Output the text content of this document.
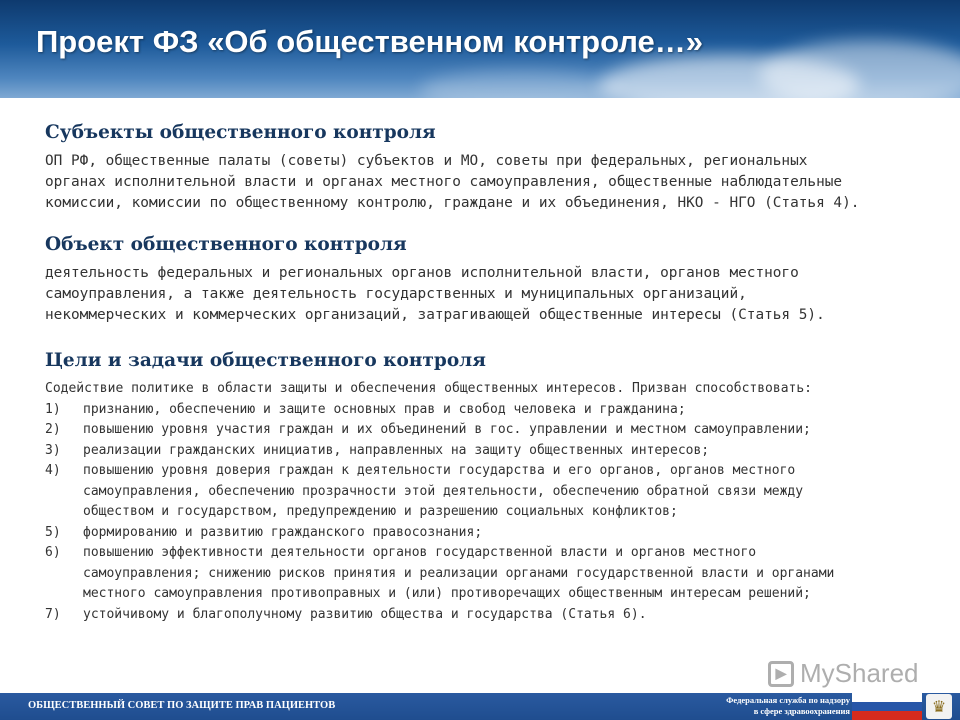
Проект ФЗ «Об общественном контроле…»
Субъекты общественного контроля

ОП РФ, общественные палаты (советы) субъектов и МО, советы при федеральных, региональных
органах исполнительной власти и органах местного самоуправления, общественные наблюдательные
комиссии, комиссии по общественному контролю, граждане и их объединения, НКО - НГО (Статья 4).

Объект общественного контроля

деятельность федеральных и региональных органов исполнительной власти, органов местного
самоуправления, а также деятельность государственных и муниципальных организаций,
некоммерческих и коммерческих организаций, затрагивающей общественные интересы (Статья 5).

Цели и задачи общественного контроля
Содействие политике в области защиты и обеспечения общественных интересов. Призван способствовать:
1) признанию, обеспечению и защите основных прав и свобод человека и гражданина;
2) повышению уровня участия граждан и их объединений в гос. управлении и местном самоуправлении;
3) реализации гражданских инициатив, направленных на защиту общественных интересов;
4) повышению уровня доверия граждан к деятельности государства и его органов, органов местного
самоуправления, обеспечению прозрачности этой деятельности, обеспечению обратной связи между
обществом и государством, предупреждению и разрешению социальных конфликтов;
5) формированию и развитию гражданского правосознания;
6) повышению эффективности деятельности органов государственной власти и органов местного
самоуправления; снижению рисков принятия и реализации органами государственной власти и органами
местного самоуправления противоправных и (или) противоречащих общественным интересам решений;
7) устойчивому и благополучному развитию общества и государства (Статья 6).
▶ MyShared
ОБЩЕСТВЕННЫЙ СОВЕТ ПО ЗАЩИТЕ ПРАВ ПАЦИЕНТОВ	Федеральная служба по надзору
в сфере здравоохранения	♛
